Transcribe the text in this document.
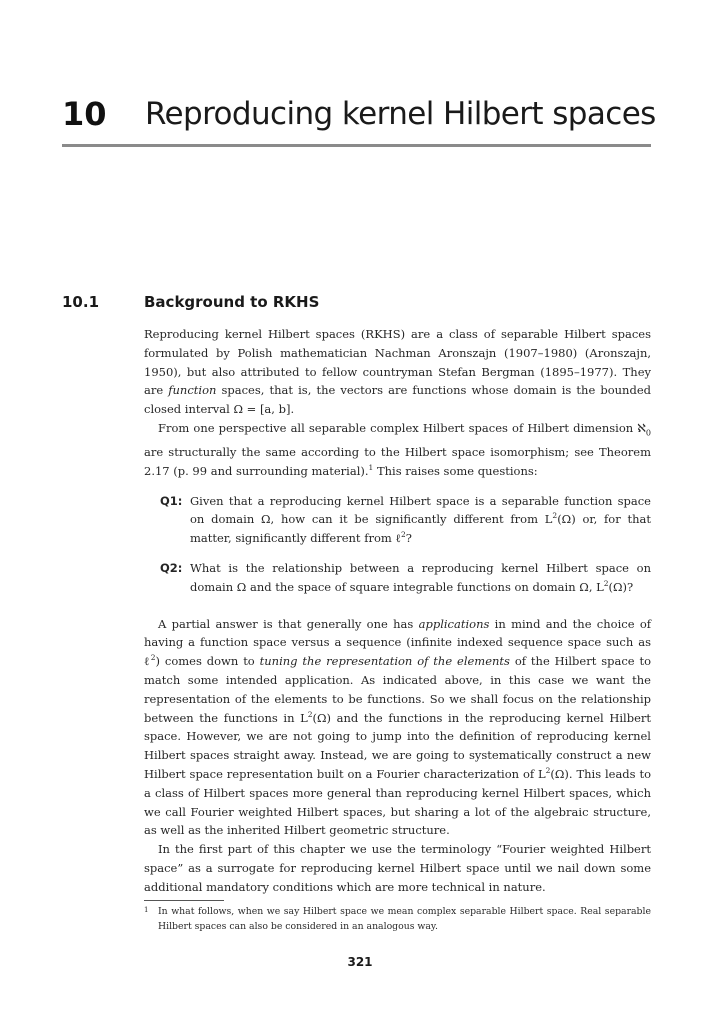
10 Reproducing kernel Hilbert spaces
10.1	Background to RKHS

Reproducing kernel Hilbert spaces (RKHS) are a class of separable Hilbert spaces formulated by Polish mathematician Nachman Aronszajn (1907–1980) (Aronszajn, 1950), but also attributed to fellow countryman Stefan Bergman (1895–1977). They are function spaces, that is, the vectors are functions whose domain is the bounded closed interval Ω = [a, b].

From one perspective all separable complex Hilbert spaces of Hilbert dimension ℵ$_0$ are structurally the same according to the Hilbert space isomorphism; see Theorem 2.17 (p. 99 and surrounding material).$^1$ This raises some questions:

Q1: Given that a reproducing kernel Hilbert space is a separable function space on domain Ω, how can it be significantly different from $L^2(\Omega)$ or, for that matter, significantly different from ℓ$^2$?
Q2: What is the relationship between a reproducing kernel Hilbert space on domain Ω and the space of square integrable functions on domain Ω, $L^2(\Omega)$?

A partial answer is that generally one has applications in mind and the choice of having a function space versus a sequence (infinite indexed sequence space such as ℓ$^2$) comes down to tuning the representation of the elements of the Hilbert space to match some intended application. As indicated above, in this case we want the representation of the elements to be functions. So we shall focus on the relationship between the functions in $L^2(\Omega)$ and the functions in the reproducing kernel Hilbert space. However, we are not going to jump into the definition of reproducing kernel Hilbert spaces straight away. Instead, we are going to systematically construct a new Hilbert space representation built on a Fourier characterization of $L^2(\Omega)$. This leads to a class of Hilbert spaces more general than reproducing kernel Hilbert spaces, which we call Fourier weighted Hilbert spaces, but sharing a lot of the algebraic structure, as well as the inherited Hilbert geometric structure.

In the first part of this chapter we use the terminology “Fourier weighted Hilbert space” as a surrogate for reproducing kernel Hilbert space until we nail down some additional mandatory conditions which are more technical in nature.

1	In what follows, when we say Hilbert space we mean complex separable Hilbert space. Real separable Hilbert spaces can also be considered in an analogous way.
321
